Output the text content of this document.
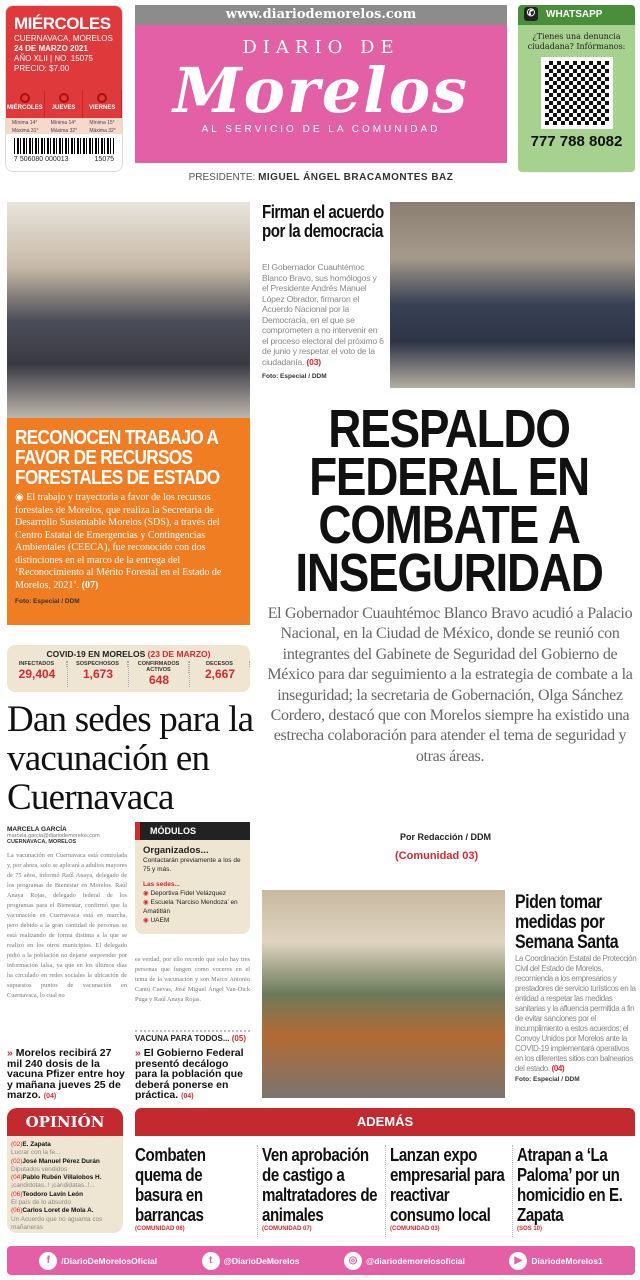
MIÉRCOLES
CUERNAVACA, MORELOS
24 DE MARZO 2021
AÑO XLII | NO. 15075
PRECIO: $7.00
MIÉRCOLES	JUEVES	VIERNES
Mínima 14°
Máxima 31°
Mínima 14°
Máxima 32°
Mínima 15°
Máxima 32°
7 506080 000013	15075
www.diariodemorelos.com
DIARIO DE
Morelos
AL SERVICIO DE LA COMUNIDAD
PRESIDENTE: MIGUEL ÁNGEL BRACAMONTES BAZ
✆ WHATSAPP
¿Tienes una denuncia ciudadana? Infórmanos:
777 788 8082
RECONOCEN TRABAJO A FAVOR DE RECURSOS FORESTALES DE ESTADO

◉ El trabajo y trayectoria a favor de los recursos forestales de Morelos, que realiza la Secretaría de Desarrollo Sustentable Morelos (SDS), a través del Centro Estatal de Emergencias y Contingencias Ambientales (CEECA), fue reconocido con dos distinciones en el marco de la entrega del ‘Reconocimiento al Mérito Forestal en el Estado de Morelos, 2021’. (07)

Foto: Especial / DDM
Firman el acuerdo por la democracia

El Gobernador Cuauhtémoc Blanco Bravo, sus homólogos y el Presidente Andrés Manuel López Obrador, firmaron el Acuerdo Nacional por la Democracia, en el que se comprometen a no intervenir en el proceso electoral del próximo 6 de junio y respetar el voto de la ciudadanía. (03)

Foto: Especial / DDM
RESPALDO FEDERAL EN COMBATE A INSEGURIDAD
El Gobernador Cuauhtémoc Blanco Bravo acudió a Palacio Nacional, en la Ciudad de México, donde se reunió con integrantes del Gabinete de Seguridad del Gobierno de México para dar seguimiento a la estrategia de combate a la inseguridad; la secretaria de Gobernación, Olga Sánchez Cordero, destacó que con Morelos siempre ha existido una estrecha colaboración para atender el tema de seguridad y otras áreas.
Por Redacción / DDM
(Comunidad 03)
COVID-19 EN MORELOS (23 DE MARZO)
INFECTADOS
29,404
SOSPECHOSOS
1,673
CONFIRMADOS ACTIVOS
648
DECESOS
2,667
Dan sedes para la vacunación en Cuernavaca
MARCELA GARCÍA
marcela.garcia@diariodemorelos.com
CUERNAVACA, MORELOS

La vacunación en Cuernavaca está controlada y, por ahora, solo se aplicará a adultos mayores de 75 años, informó Raúl Anaya, delegado de los programas de Bienestar en Morelos. Raúl Anaya Rojas, delegado federal de los programas para el Bienestar, confirmó que la vacunación en Cuernavaca está en marcha, pero debido a la gran cantidad de personas se está realizando de forma distinta a la que se realizó en los otros municipios. El delegado pidió a la población no dejarse sorprender por información falsa, ya que en los últimos días ha circulado en redes sociales la ubicación de supuestos puntos de vacunación en Cuernavaca, lo cual no

MÓDULOS
Organizados...
Contactarán previamente a los de 75 y más.
Las sedes...
◉ Deportiva Fidel Velázquez
◉ Escuela ‘Narciso Mendoza’ en Amatitlán
◉ UAEM

es verdad, por ello recordó que solo hay tres personas que fungen como voceros en el tema de la vacunación y son Marco Antonio Cantú Cuevas, José Miguel Ángel Van-Dick Puga y Raúl Anaya Rojas.

VACUNA PARA TODOS... (05)
» El Gobierno Federal presentó decálogo para la población que deberá ponerse en práctica. (04)
» Morelos recibirá 27 mil 240 dosis de la vacuna Pfizer entre hoy y mañana jueves 25 de marzo. (04)
Piden tomar medidas por Semana Santa

La Coordinación Estatal de Protección Civil del Estado de Morelos, recomienda a los empresarios y prestadores de servicio turísticos en la entidad a respetar las medidas sanitarias y la afluencia permitida a fin de evitar sanciones por el incumplimiento a estos acuerdos; el Convoy Unidos por Morelos ante la COVID-19 implementará operativos en los diferentes sitios con balnearios del estado. (04)

Foto: Especial / DDM
OPINIÓN
(02)E. Zapata
Lucrar con la fe...
(02)José Manuel Pérez Durán
Diputados vendidos
(04)Pablo Rubén Villalobos H.
¡candidotas..! ¡candidatas..!...
(06)Teodoro Lavín León
El país de lo absurdo
(06)Carlos Loret de Mola A.
Un Acuerdo que no aguanta cos mañaneras
ADEMÁS
Combaten quema de basura en barrancas
(COMUNIDAD 06)
Ven aprobación de castigo a maltratadores de animales
(COMUNIDAD 07)
Lanzan expo empresarial para reactivar consumo local
(COMUNIDAD 03)
Atrapan a ‘La Paloma’ por un homicidio en E. Zapata
(SOS 10)
f	/DiarioDeMorelosOficial	t	@DiarioDeMorelos	◎	@diariodemorelosoficial	▶	DiariodeMorelos1
